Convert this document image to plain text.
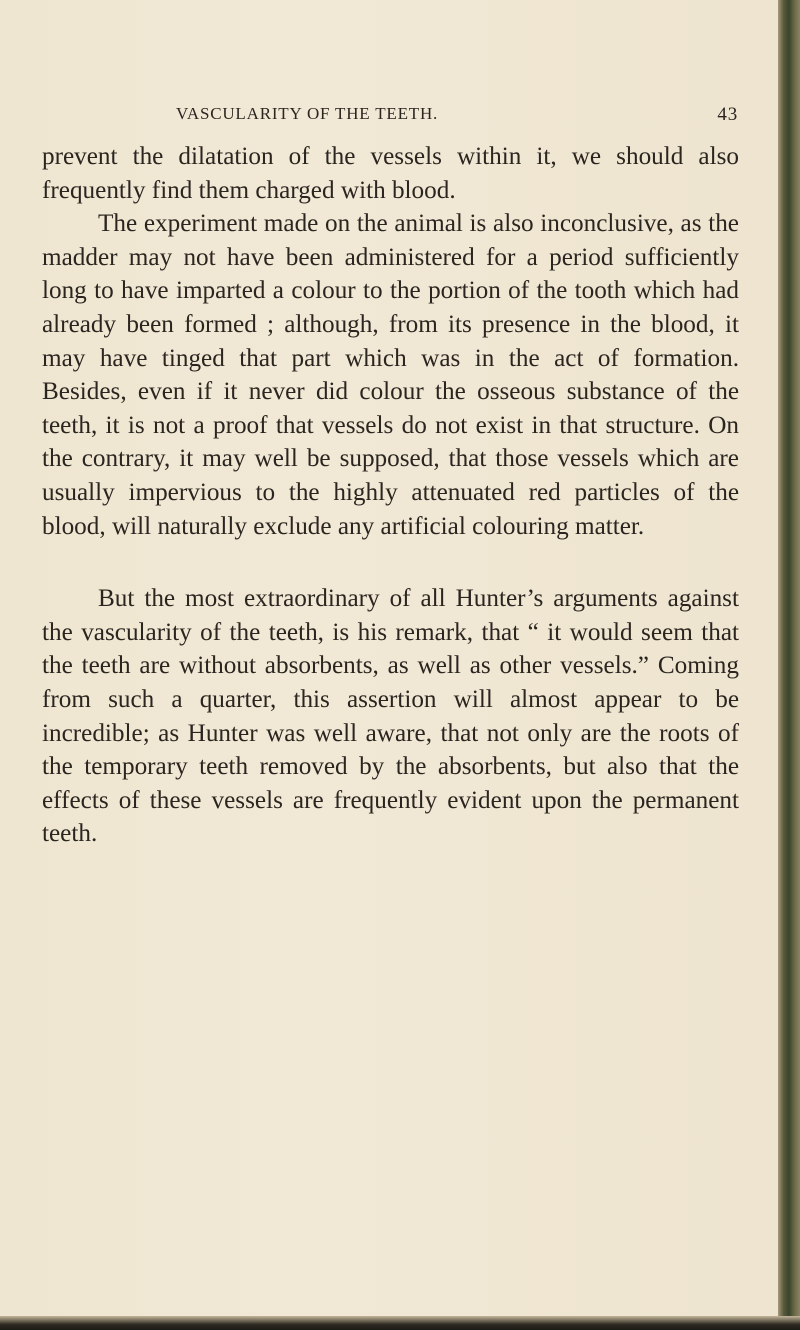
VASCULARITY OF THE TEETH.	43

prevent the dilatation of the vessels within it, we should also frequently find them charged with blood.

The experiment made on the animal is also inconclusive, as the madder may not have been administered for a period sufficiently long to have imparted a colour to the portion of the tooth which had already been formed ; although, from its presence in the blood, it may have tinged that part which was in the act of formation. Besides, even if it never did colour the osseous substance of the teeth, it is not a proof that vessels do not exist in that structure. On the contrary, it may well be supposed, that those vessels which are usually impervious to the highly attenuated red particles of the blood, will naturally exclude any artificial colouring matter.

But the most extraordinary of all Hunter’s arguments against the vascularity of the teeth, is his remark, that “ it would seem that the teeth are without absorbents, as well as other vessels.” Coming from such a quarter, this assertion will almost appear to be incredible; as Hunter was well aware, that not only are the roots of the temporary teeth removed by the absorbents, but also that the effects of these vessels are frequently evident upon the permanent teeth.
